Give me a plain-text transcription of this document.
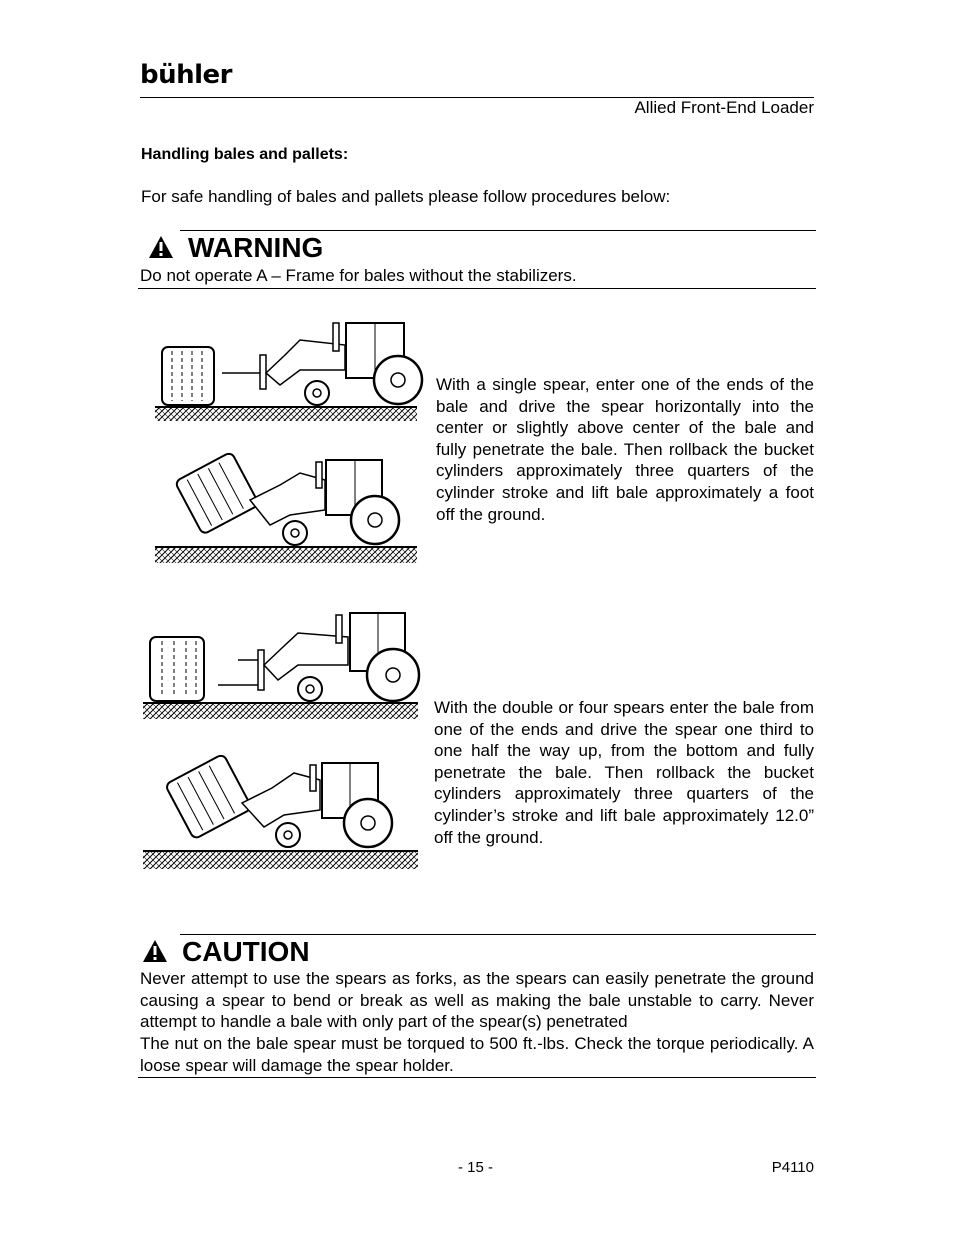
bühler
Allied Front-End Loader
Handling bales and pallets:
For safe handling of bales and pallets please follow procedures below:
WARNING
Do not operate A – Frame for bales without the stabilizers.
With a single spear, enter one of the ends of the bale and drive the spear horizontally into the center or slightly above center of the bale and fully penetrate the bale. Then rollback the bucket cylinders approximately three quarters of the cylinder stroke and lift bale approximately a foot off the ground.
With the double or four spears enter the bale from one of the ends and drive the spear one third to one half the way up, from the bottom and fully penetrate the bale. Then rollback the bucket cylinders approximately three quarters of the cylinder’s stroke and lift bale approximately 12.0” off the ground.
CAUTION
Never attempt to use the spears as forks, as the spears can easily penetrate the ground causing a spear to bend or break as well as making the bale unstable to carry. Never attempt to handle a bale with only part of the spear(s) penetrated
The nut on the bale spear must be torqued to 500 ft.-lbs. Check the torque periodically. A loose spear will damage the spear holder.
- 15 -	P4110
